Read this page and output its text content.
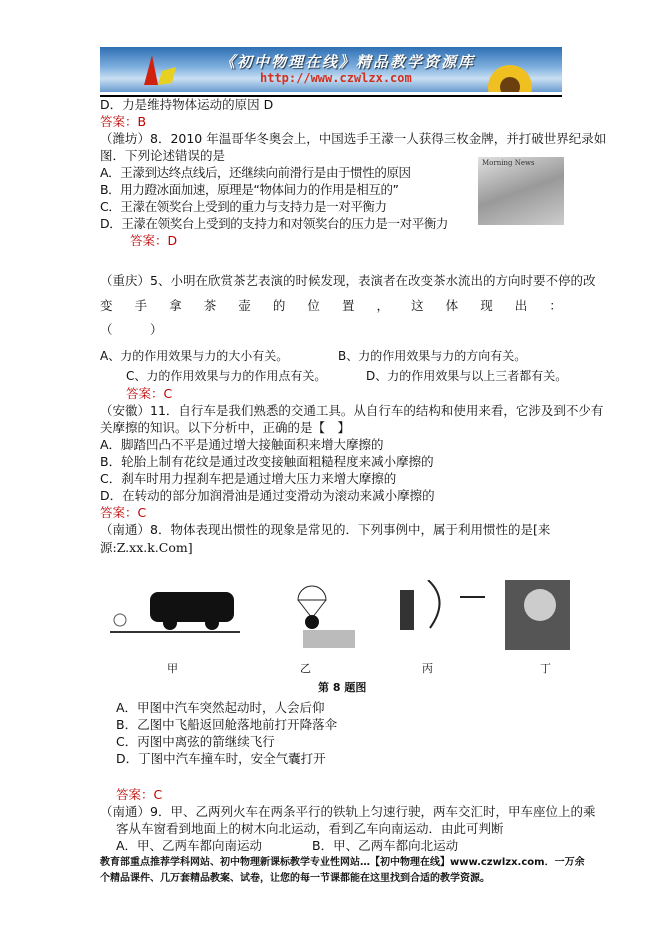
《初中物理在线》精品教学资源库
http://www.czwlzx.com
D．力是维持物体运动的原因 D
答案：B
（潍坊）8．2010 年温哥华冬奥会上，中国选手王濛一人获得三枚金牌，并打破世界纪录如
图．下列论述错误的是
A．王濛到达终点线后，还继续向前滑行是由于惯性的原因
B．用力蹬冰面加速，原理是“物体间力的作用是相互的”
C．王濛在领奖台上受到的重力与支持力是一对平衡力
D．王濛在领奖台上受到的支持力和对领奖台的压力是一对平衡力
答案：D
Morning News
（重庆）5、小明在欣赏茶艺表演的时候发现，表演者在改变茶水流出的方向时要不停的改
变 手 拿 茶 壶 的 位 置 ， 这 体 现 出 ：
（　　　）
A、力的作用效果与力的大小有关。	B、力的作用效果与力的方向有关。
C、力的作用效果与力的作用点有关。	D、力的作用效果与以上三者都有关。
答案：C
（安徽）11．自行车是我们熟悉的交通工具。从自行车的结构和使用来看，它涉及到不少有
关摩擦的知识。以下分析中，正确的是【　】
A．脚踏凹凸不平是通过增大接触面积来增大摩擦的
B．轮胎上制有花纹是通过改变接触面粗糙程度来减小摩擦的
C．刹车时用力捏刹车把是通过增大压力来增大摩擦的
D．在转动的部分加润滑油是通过变滑动为滚动来减小摩擦的
答案：C
（南通）8．物体表现出惯性的现象是常见的．下列事例中，属于利用惯性的是[来
源:Z.xx.k.Com]
甲	乙	丙	丁
第 8 题图
A．甲图中汽车突然起动时，人会后仰
B．乙图中飞船返回舱落地前打开降落伞
C．丙图中离弦的箭继续飞行
D．丁图中汽车撞车时，安全气囊打开
答案：C
（南通）9．甲、乙两列火车在两条平行的铁轨上匀速行驶，两车交汇时，甲车座位上的乘
客从车窗看到地面上的树木向北运动，看到乙车向南运动．由此可判断
A．甲、乙两车都向南运动	B．甲、乙两车都向北运动
教育部重点推荐学科网站、初中物理新课标教学专业性网站…【初中物理在线】www.czwlzx.com．一万余
个精品课件、几万套精品教案、试卷，让您的每一节课都能在这里找到合适的教学资源。
